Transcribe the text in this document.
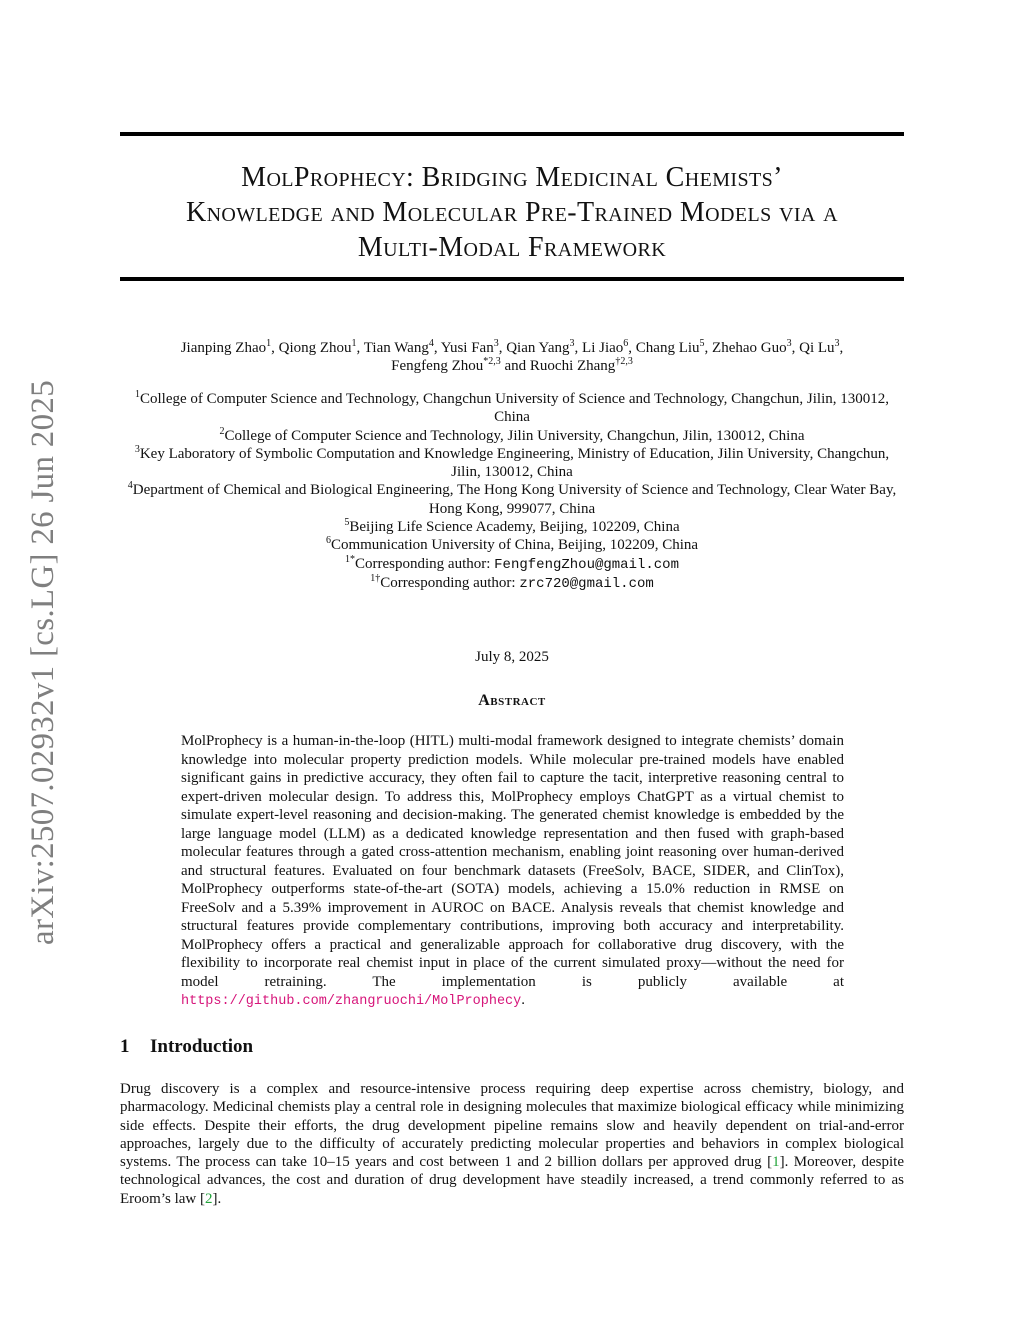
arXiv:2507.02932v1 [cs.LG] 26 Jun 2025
MolProphecy: Bridging Medicinal Chemists’
Knowledge and Molecular Pre-Trained Models via a
Multi-Modal Framework
Jianping Zhao$^1$, Qiong Zhou$^1$, Tian Wang$^4$, Yusi Fan$^3$, Qian Yang$^3$, Li Jiao$^6$, Chang Liu$^5$, Zhehao Guo$^3$, Qi Lu$^3$,
Fengfeng Zhou$^{*2,3}$ and Ruochi Zhang$^{\dagger 2,3}$
$^1$College of Computer Science and Technology, Changchun University of Science and Technology, Changchun, Jilin, 130012, China
$^2$College of Computer Science and Technology, Jilin University, Changchun, Jilin, 130012, China
$^3$Key Laboratory of Symbolic Computation and Knowledge Engineering, Ministry of Education, Jilin University, Changchun, Jilin, 130012, China
$^4$Department of Chemical and Biological Engineering, The Hong Kong University of Science and Technology, Clear Water Bay, Hong Kong, 999077, China
$^5$Beijing Life Science Academy, Beijing, 102209, China
$^6$Communication University of China, Beijing, 102209, China
$^{1*}$Corresponding author: FengfengZhou@gmail.com
$^{1\dagger}$Corresponding author: zrc720@gmail.com
July 8, 2025
Abstract

MolProphecy is a human-in-the-loop (HITL) multi-modal framework designed to integrate chemists’ domain knowledge into molecular property prediction models. While molecular pre-trained models have enabled significant gains in predictive accuracy, they often fail to capture the tacit, interpretive reasoning central to expert-driven molecular design. To address this, MolProphecy employs ChatGPT as a virtual chemist to simulate expert-level reasoning and decision-making. The generated chemist knowledge is embedded by the large language model (LLM) as a dedicated knowledge representation and then fused with graph-based molecular features through a gated cross-attention mechanism, enabling joint reasoning over human-derived and structural features. Evaluated on four benchmark datasets (FreeSolv, BACE, SIDER, and ClinTox), MolProphecy outperforms state-of-the-art (SOTA) models, achieving a 15.0% reduction in RMSE on FreeSolv and a 5.39% improvement in AUROC on BACE. Analysis reveals that chemist knowledge and structural features provide complementary contributions, improving both accuracy and interpretability. MolProphecy offers a practical and generalizable approach for collaborative drug discovery, with the flexibility to incorporate real chemist input in place of the current simulated proxy—without the need for model retraining. The implementation is publicly available at https://github.com/zhangruochi/MolProphecy.

1 Introduction

Drug discovery is a complex and resource-intensive process requiring deep expertise across chemistry, biology, and pharmacology. Medicinal chemists play a central role in designing molecules that maximize biological efficacy while minimizing side effects. Despite their efforts, the drug development pipeline remains slow and heavily dependent on trial-and-error approaches, largely due to the difficulty of accurately predicting molecular properties and behaviors in complex biological systems. The process can take 10–15 years and cost between 1 and 2 billion dollars per approved drug [1]. Moreover, despite technological advances, the cost and duration of drug development have steadily increased, a trend commonly referred to as Eroom’s law [2].
